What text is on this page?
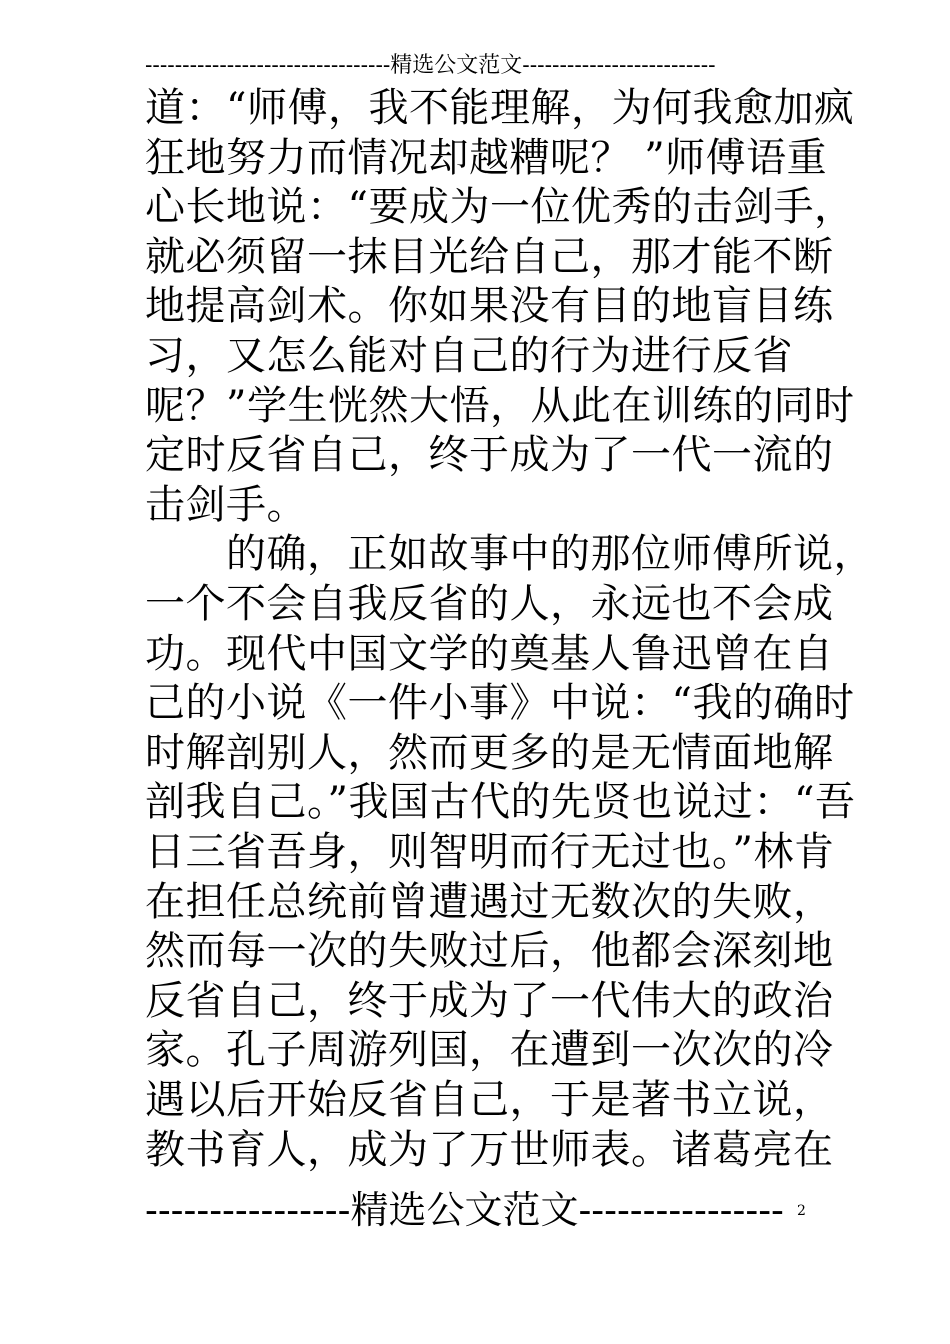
---------------------------------精选公文范文--------------------------
道：“师傅，我不能理解，为何我愈加疯
狂地努力而情况却越糟呢？ ”师傅语重
心长地说：“要成为一位优秀的击剑手，
就必须留一抹目光给自己，那才能不断
地提高剑术。你如果没有目的地盲目练
习，又怎么能对自己的行为进行反省
呢？”学生恍然大悟，从此在训练的同时
定时反省自己，终于成为了一代一流的
击剑手。
　　的确，正如故事中的那位师傅所说，
一个不会自我反省的人，永远也不会成
功。现代中国文学的奠基人鲁迅曾在自
己的小说《一件小事》中说：“我的确时
时解剖别人，然而更多的是无情面地解
剖我自己。”我国古代的先贤也说过：“吾
日三省吾身，则智明而行无过也。”林肯
在担任总统前曾遭遇过无数次的失败，
然而每一次的失败过后，他都会深刻地
反省自己，终于成为了一代伟大的政治
家。孔子周游列国，在遭到一次次的冷
遇以后开始反省自己，于是著书立说，
教书育人，成为了万世师表。诸葛亮在
----------------精选公文范文---------------- 2
